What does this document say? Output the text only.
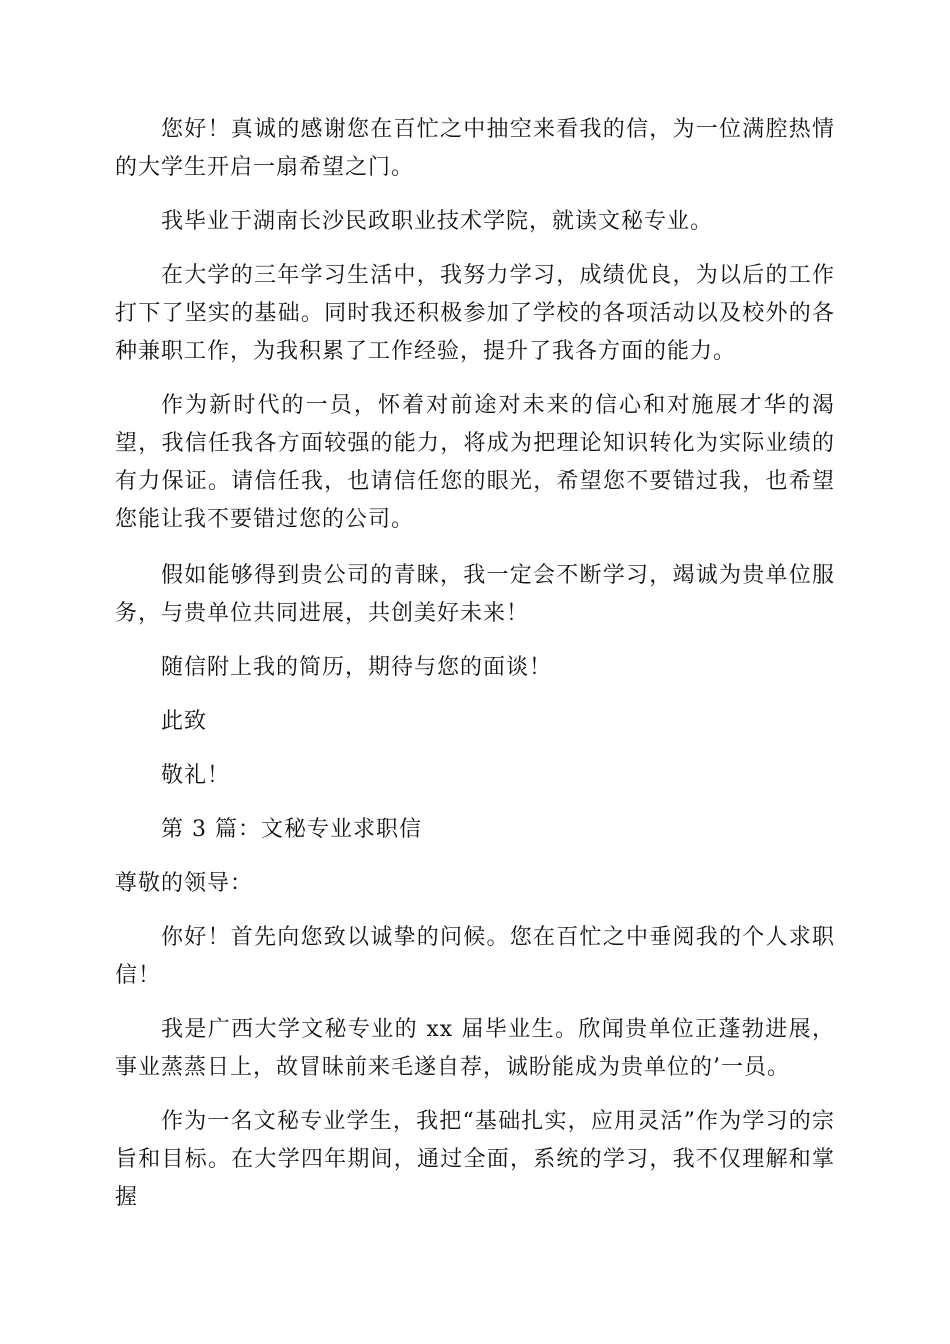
您好！真诚的感谢您在百忙之中抽空来看我的信，为一位满腔热情的大学生开启一扇希望之门。

我毕业于湖南长沙民政职业技术学院，就读文秘专业。

在大学的三年学习生活中，我努力学习，成绩优良，为以后的工作打下了坚实的基础。同时我还积极参加了学校的各项活动以及校外的各种兼职工作，为我积累了工作经验，提升了我各方面的能力。

作为新时代的一员，怀着对前途对未来的信心和对施展才华的渴望，我信任我各方面较强的能力，将成为把理论知识转化为实际业绩的有力保证。请信任我，也请信任您的眼光，希望您不要错过我，也希望您能让我不要错过您的公司。

假如能够得到贵公司的青睐，我一定会不断学习，竭诚为贵单位服务，与贵单位共同进展，共创美好未来！

随信附上我的简历，期待与您的面谈！

此致

敬礼！

第 3 篇：文秘专业求职信

尊敬的领导：

你好！首先向您致以诚挚的问候。您在百忙之中垂阅我的个人求职信！

我是广西大学文秘专业的 xx 届毕业生。欣闻贵单位正蓬勃进展，事业蒸蒸日上，故冒昧前来毛遂自荐，诚盼能成为贵单位的’一员。

作为一名文秘专业学生，我把“基础扎实，应用灵活”作为学习的宗旨和目标。在大学四年期间，通过全面，系统的学习，我不仅理解和掌握
